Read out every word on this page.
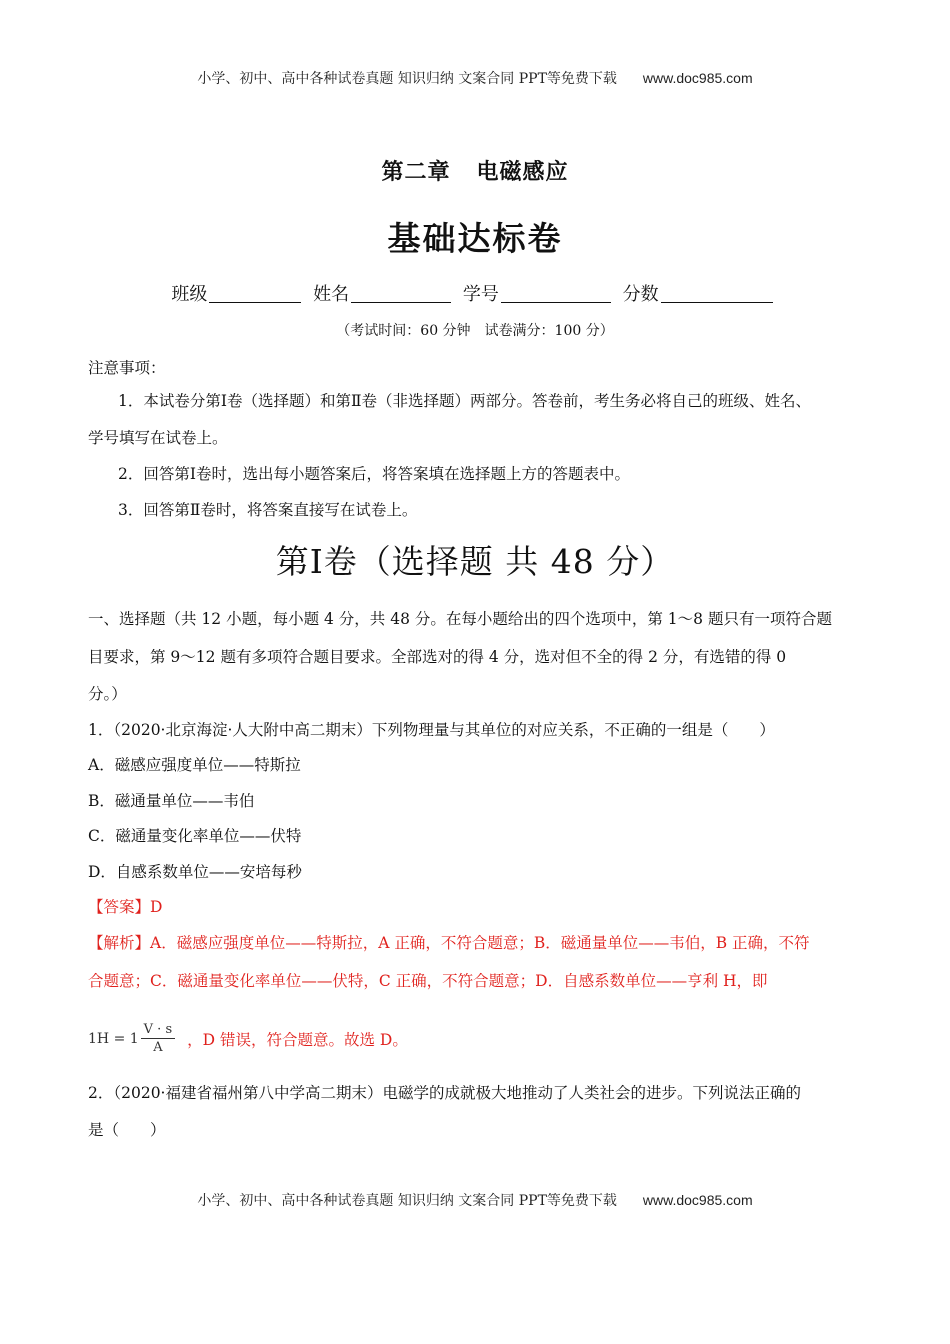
小学、初中、高中各种试卷真题 知识归纳 文案合同 PPT等免费下载 www.doc985.com
第二章 电磁感应
基础达标卷
班级	姓名	学号	分数
（考试时间：60 分钟　试卷满分：100 分）
注意事项：
1．本试卷分第Ⅰ卷（选择题）和第Ⅱ卷（非选择题）两部分。答卷前，考生务必将自己的班级、姓名、
学号填写在试卷上。
2．回答第Ⅰ卷时，选出每小题答案后，将答案填在选择题上方的答题表中。
3．回答第Ⅱ卷时，将答案直接写在试卷上。
第Ⅰ卷（选择题 共 48 分）
一、选择题（共 12 小题，每小题 4 分，共 48 分。在每小题给出的四个选项中，第 1～8 题只有一项符合题
目要求，第 9～12 题有多项符合题目要求。全部选对的得 4 分，选对但不全的得 2 分，有选错的得 0
分。）
1．（2020·北京海淀·人大附中高二期末）下列物理量与其单位的对应关系，不正确的一组是（　　）
A．磁感应强度单位——特斯拉
B．磁通量单位——韦伯
C．磁通量变化率单位——伏特
D．自感系数单位——安培每秒
【答案】D
【解析】A．磁感应强度单位——特斯拉，A 正确，不符合题意；B．磁通量单位——韦伯，B 正确，不符
合题意；C．磁通量变化率单位——伏特，C 正确，不符合题意；D．自感系数单位——亨利 H，即
$1H = 1 \frac{V \cdot s}{A}$ ，D 错误，符合题意。故选 D。
2．（2020·福建省福州第八中学高二期末）电磁学的成就极大地推动了人类社会的进步。下列说法正确的
是（　　）
小学、初中、高中各种试卷真题 知识归纳 文案合同 PPT等免费下载 www.doc985.com
